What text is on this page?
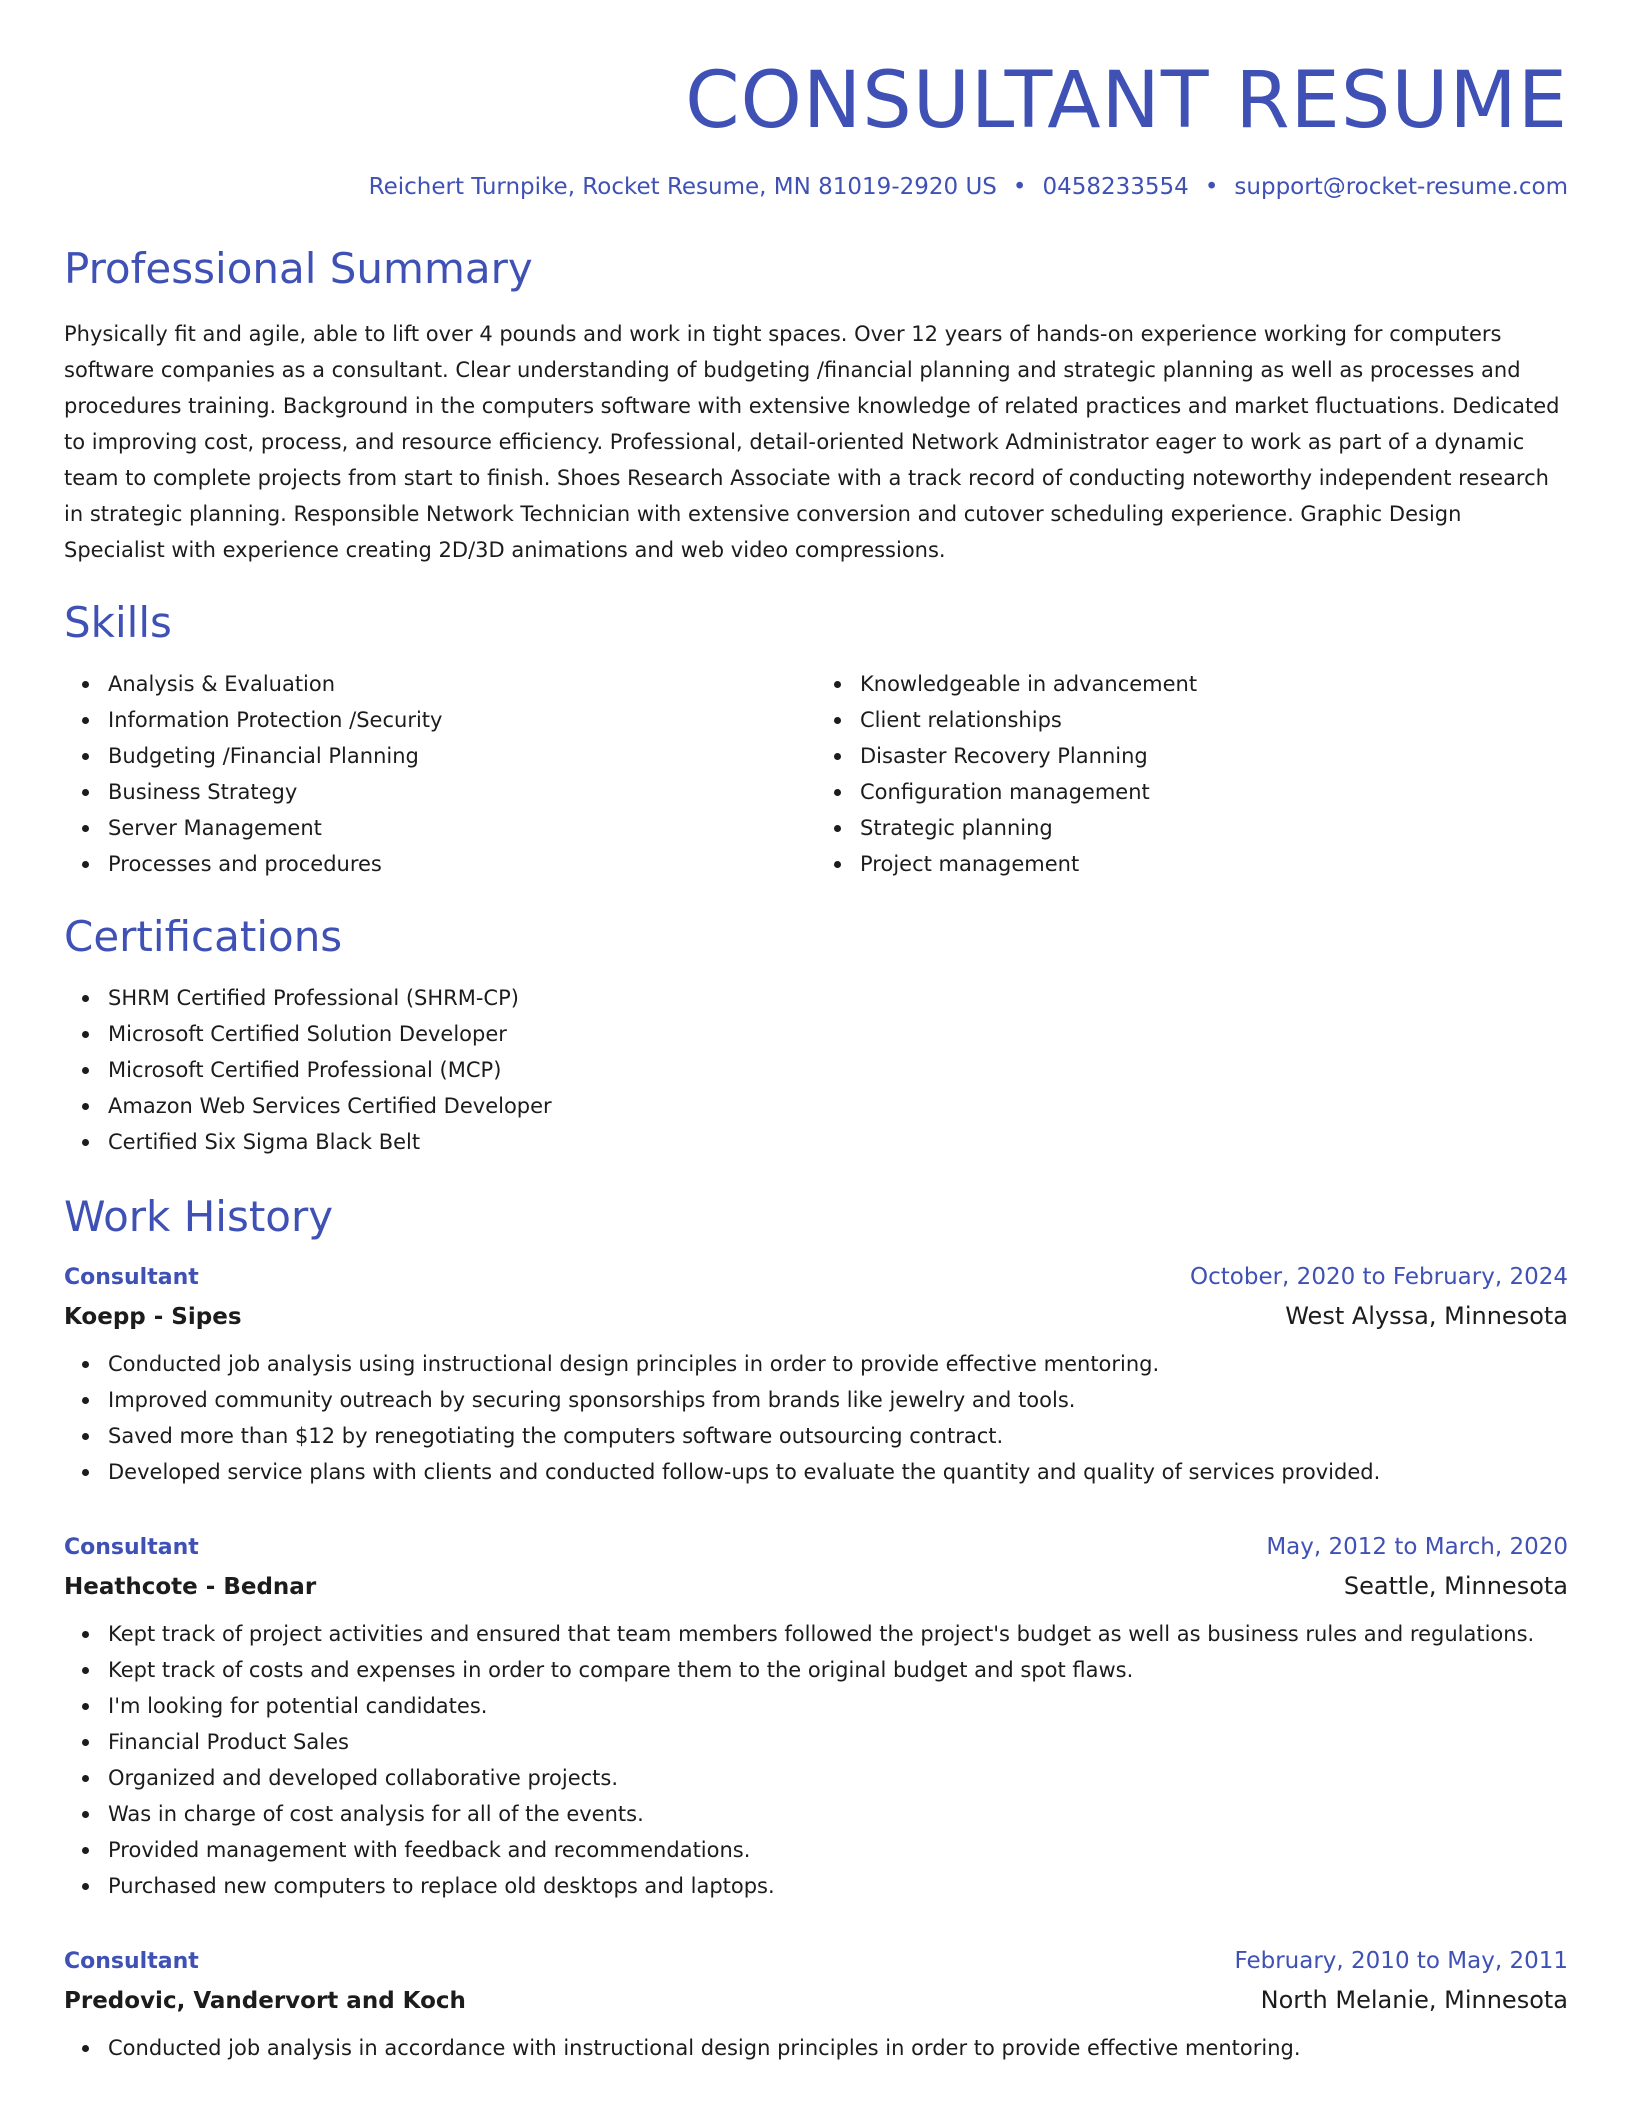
CONSULTANT RESUME
Reichert Turnpike, Rocket Resume, MN 81019-2920 US • 0458233554 • support@rocket-resume.com
Professional Summary
Physically fit and agile, able to lift over 4 pounds and work in tight spaces. Over 12 years of hands-on experience working for computers software companies as a consultant. Clear understanding of budgeting /financial planning and strategic planning as well as processes and procedures training. Background in the computers software with extensive knowledge of related practices and market fluctuations. Dedicated to improving cost, process, and resource efficiency. Professional, detail-oriented Network Administrator eager to work as part of a dynamic team to complete projects from start to finish. Shoes Research Associate with a track record of conducting noteworthy independent research in strategic planning. Responsible Network Technician with extensive conversion and cutover scheduling experience. Graphic Design Specialist with experience creating 2D/3D animations and web video compressions.
Skills
Analysis & Evaluation
Information Protection /Security
Budgeting /Financial Planning
Business Strategy
Server Management
Processes and procedures
Knowledgeable in advancement
Client relationships
Disaster Recovery Planning
Configuration management
Strategic planning
Project management
Certifications
SHRM Certified Professional (SHRM-CP)
Microsoft Certified Solution Developer
Microsoft Certified Professional (MCP)
Amazon Web Services Certified Developer
Certified Six Sigma Black Belt
Work History
Consultant	October, 2020 to February, 2024
Koepp - Sipes	West Alyssa, Minnesota
Conducted job analysis using instructional design principles in order to provide effective mentoring.
Improved community outreach by securing sponsorships from brands like jewelry and tools.
Saved more than $12 by renegotiating the computers software outsourcing contract.
Developed service plans with clients and conducted follow-ups to evaluate the quantity and quality of services provided.
Consultant	May, 2012 to March, 2020
Heathcote - Bednar	Seattle, Minnesota
Kept track of project activities and ensured that team members followed the project's budget as well as business rules and regulations.
Kept track of costs and expenses in order to compare them to the original budget and spot flaws.
I'm looking for potential candidates.
Financial Product Sales
Organized and developed collaborative projects.
Was in charge of cost analysis for all of the events.
Provided management with feedback and recommendations.
Purchased new computers to replace old desktops and laptops.
Consultant	February, 2010 to May, 2011
Predovic, Vandervort and Koch	North Melanie, Minnesota
Conducted job analysis in accordance with instructional design principles in order to provide effective mentoring.
